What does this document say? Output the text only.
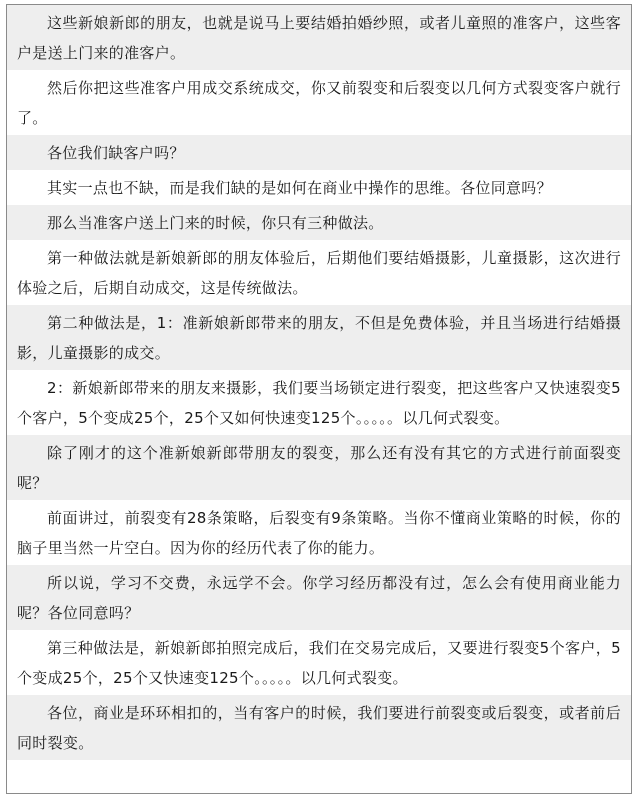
这些新娘新郎的朋友，也就是说马上要结婚拍婚纱照，或者儿童照的准客户，这些客户是送上门来的准客户。

然后你把这些准客户用成交系统成交，你又前裂变和后裂变以几何方式裂变客户就行了。

各位我们缺客户吗？

其实一点也不缺，而是我们缺的是如何在商业中操作的思维。各位同意吗？

那么当准客户送上门来的时候，你只有三种做法。

第一种做法就是新娘新郎的朋友体验后，后期他们要结婚摄影，儿童摄影，这次进行体验之后，后期自动成交，这是传统做法。

第二种做法是，1：准新娘新郎带来的朋友，不但是免费体验，并且当场进行结婚摄影，儿童摄影的成交。

2：新娘新郎带来的朋友来摄影，我们要当场锁定进行裂变，把这些客户又快速裂变5个客户，5个变成25个，25个又如何快速变125个。。。。。以几何式裂变。

除了刚才的这个准新娘新郎带朋友的裂变，那么还有没有其它的方式进行前面裂变呢？

前面讲过，前裂变有28条策略，后裂变有9条策略。当你不懂商业策略的时候，你的脑子里当然一片空白。因为你的经历代表了你的能力。

所以说，学习不交费，永远学不会。你学习经历都没有过，怎么会有使用商业能力呢？各位同意吗？

第三种做法是，新娘新郎拍照完成后，我们在交易完成后，又要进行裂变5个客户，5个变成25个，25个又快速变125个。。。。。以几何式裂变。

各位，商业是环环相扣的，当有客户的时候，我们要进行前裂变或后裂变，或者前后同时裂变。
